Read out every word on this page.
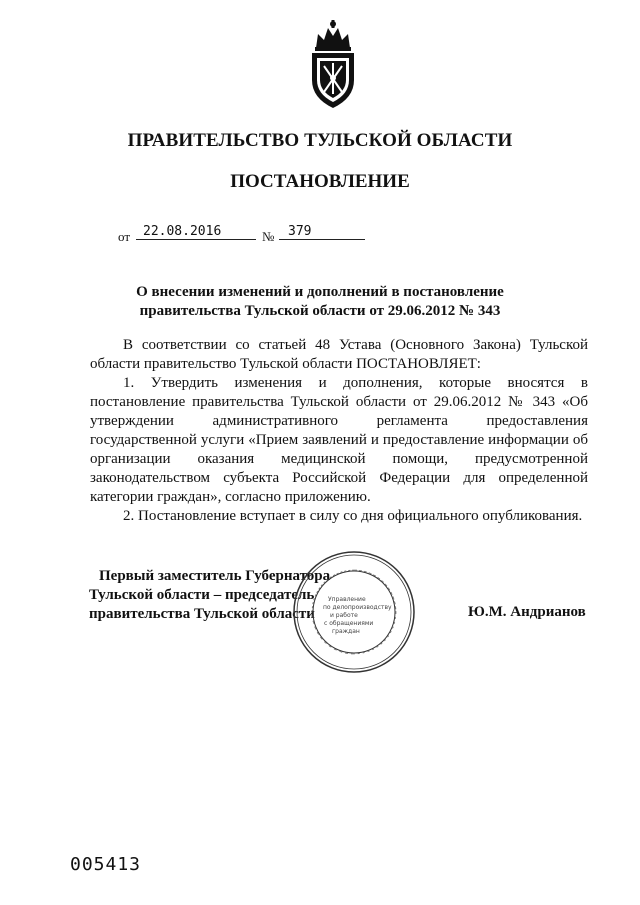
ПРАВИТЕЛЬСТВО ТУЛЬСКОЙ ОБЛАСТИ
ПОСТАНОВЛЕНИЕ
от 22.08.2016	№ 379
О внесении изменений и дополнений в постановление
правительства Тульской области от 29.06.2012 № 343

В соответствии со статьей 48 Устава (Основного Закона) Тульской области правительство Тульской области ПОСТАНОВЛЯЕТ:

1. Утвердить изменения и дополнения, которые вносятся в постановление правительства Тульской области от 29.06.2012 № 343 «Об утверждении административного регламента предоставления государственной услуги «Прием заявлений и предоставление информации об организации оказания медицинской помощи, предусмотренной законодательством субъекта Российской Федерации для определенной категории граждан», согласно приложению.

2. Постановление вступает в силу со дня официального опубликования.

Первый заместитель Губернатора
Тульской области – председатель
правительства Тульской области
Управление
по делопроизводству
и работе
с обращениями
граждан
Ю.М. Андрианов
005413
